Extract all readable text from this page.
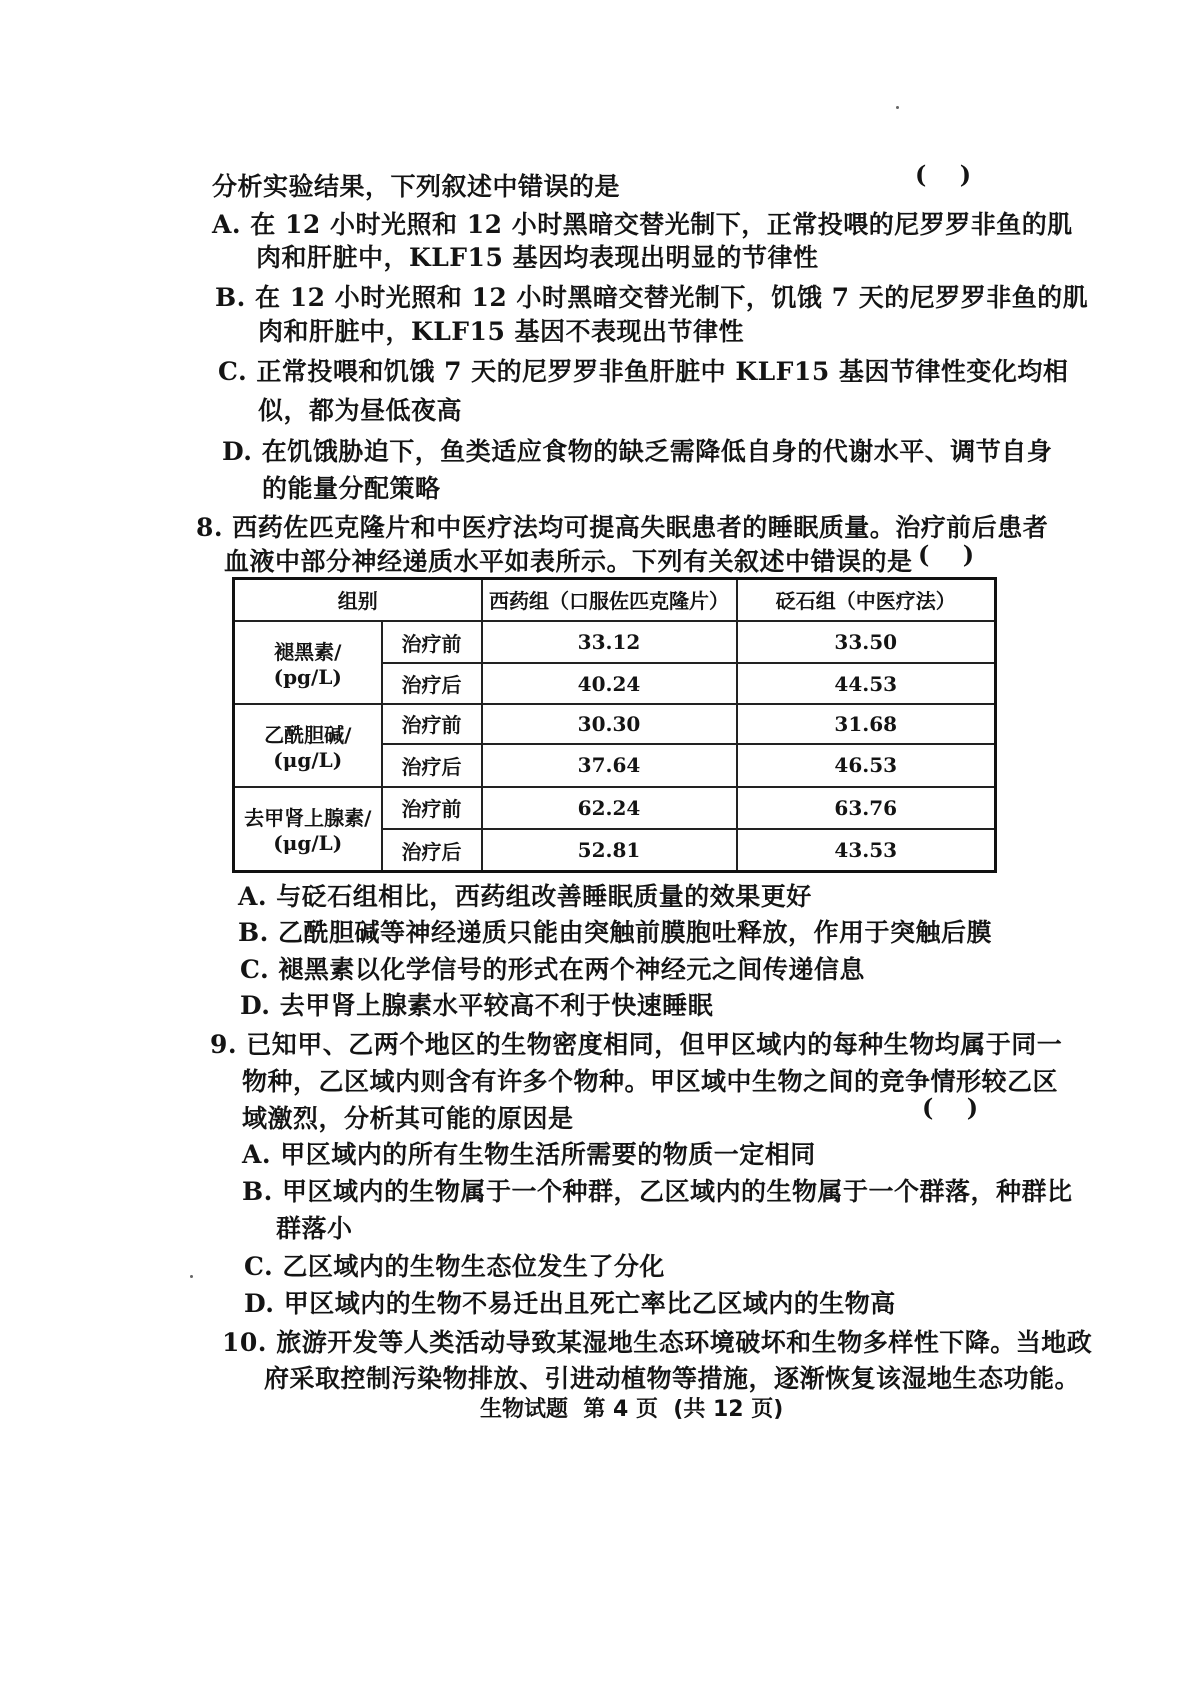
(    )
分析实验结果，下列叙述中错误的是
A. 在 12 小时光照和 12 小时黑暗交替光制下，正常投喂的尼罗罗非鱼的肌
肉和肝脏中，KLF15 基因均表现出明显的节律性
B. 在 12 小时光照和 12 小时黑暗交替光制下，饥饿 7 天的尼罗罗非鱼的肌
肉和肝脏中，KLF15 基因不表现出节律性
C. 正常投喂和饥饿 7 天的尼罗罗非鱼肝脏中 KLF15 基因节律性变化均相
似，都为昼低夜高
D. 在饥饿胁迫下，鱼类适应食物的缺乏需降低自身的代谢水平、调节自身
的能量分配策略
8. 西药佐匹克隆片和中医疗法均可提高失眠患者的睡眠质量。治疗前后患者
血液中部分神经递质水平如表所示。下列有关叙述中错误的是 (    )
组别		西药组（口服佐匹克隆片）	砭石组（中医疗法）

褪黑素/
(pg/L)	治疗前	33.12	33.50
	治疗后	40.24	44.53

乙酰胆碱/
(μg/L)	治疗前	30.30	31.68
	治疗后	37.64	46.53

去甲肾上腺素/
(μg/L)	治疗前	62.24	63.76
	治疗后	52.81	43.53
A. 与砭石组相比，西药组改善睡眠质量的效果更好
B. 乙酰胆碱等神经递质只能由突触前膜胞吐释放，作用于突触后膜
C. 褪黑素以化学信号的形式在两个神经元之间传递信息
D. 去甲肾上腺素水平较高不利于快速睡眠
9. 已知甲、乙两个地区的生物密度相同，但甲区域内的每种生物均属于同一
物种，乙区域内则含有许多个物种。甲区域中生物之间的竞争情形较乙区
域激烈，分析其可能的原因是	(    )
A. 甲区域内的所有生物生活所需要的物质一定相同
B. 甲区域内的生物属于一个种群，乙区域内的生物属于一个群落，种群比
群落小
C. 乙区域内的生物生态位发生了分化
D. 甲区域内的生物不易迁出且死亡率比乙区域内的生物高
10. 旅游开发等人类活动导致某湿地生态环境破坏和生物多样性下降。当地政
府采取控制污染物排放、引进动植物等措施，逐渐恢复该湿地生态功能。
生物试题  第 4 页  (共 12 页)
